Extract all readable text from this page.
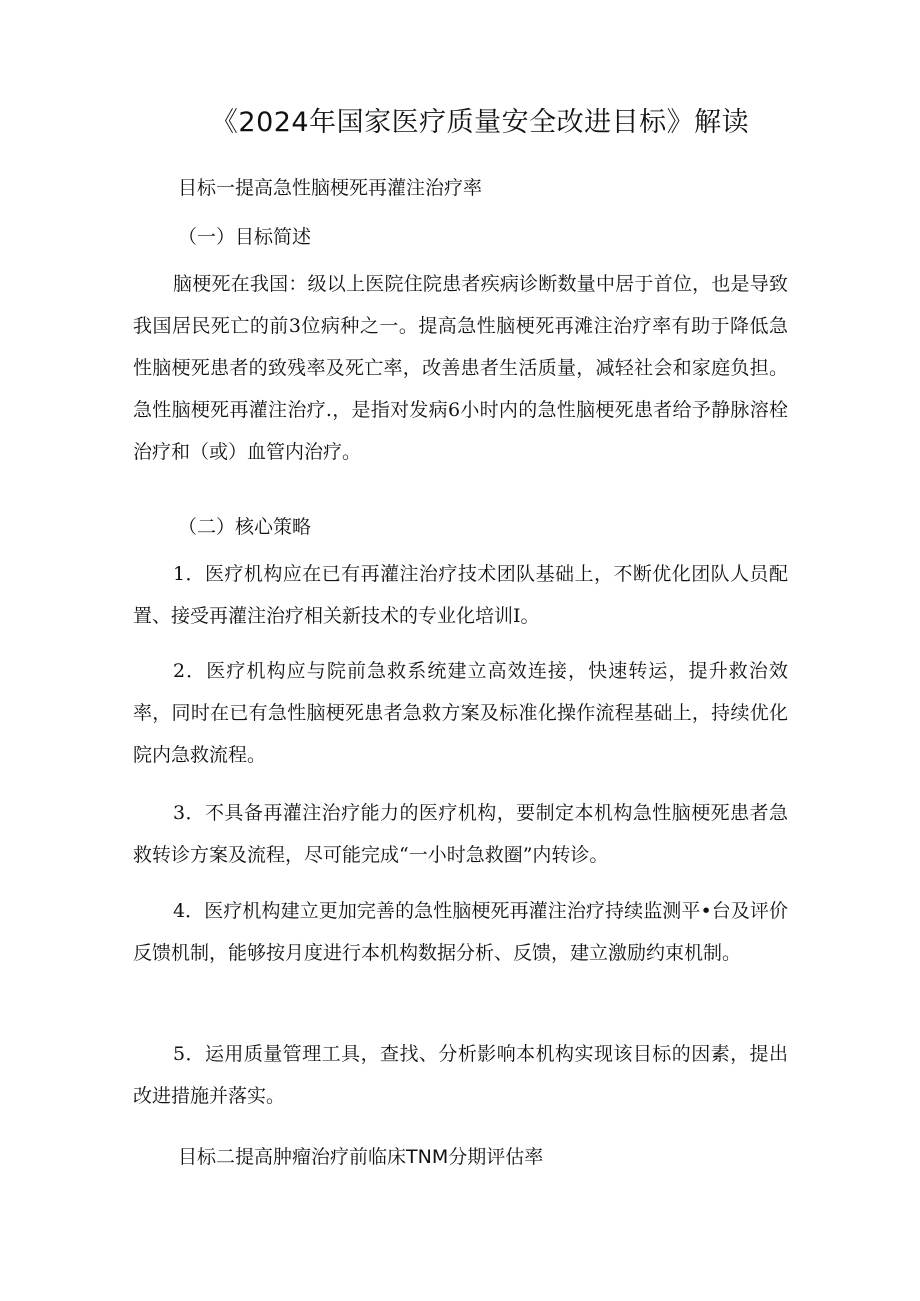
《2024年国家医疗质量安全改进目标》解读
目标一提高急性脑梗死再灌注治疗率
（一）目标简述

脑梗死在我国：级以上医院住院患者疾病诊断数量中居于首位，也是导致我国居民死亡的前3位病种之一。提高急性脑梗死再滩注治疗率有助于降低急性脑梗死患者的致残率及死亡率，改善患者生活质量，减轻社会和家庭负担。急性脑梗死再灌注治疗.，是指对发病6小时内的急性脑梗死患者给予静脉溶栓治疗和（或）血管内治疗。

（二）核心策略

1．医疗机构应在已有再灌注治疗技术团队基础上，不断优化团队人员配置、接受再灌注治疗相关新技术的专业化培训I。

2．医疗机构应与院前急救系统建立高效连接，快速转运，提升救治效率，同时在已有急性脑梗死患者急救方案及标准化操作流程基础上，持续优化院内急救流程。

3．不具备再灌注治疗能力的医疗机构，要制定本机构急性脑梗死患者急救转诊方案及流程，尽可能完成“一小时急救圈”内转诊。

4．医疗机构建立更加完善的急性脑梗死再灌注治疗持续监测平•台及评价反馈机制，能够按月度进行本机构数据分析、反馈，建立激励约束机制。

5．运用质量管理工具，查找、分析影响本机构实现该目标的因素，提出改进措施并落实。

目标二提高肿瘤治疗前临床TNM分期评估率
